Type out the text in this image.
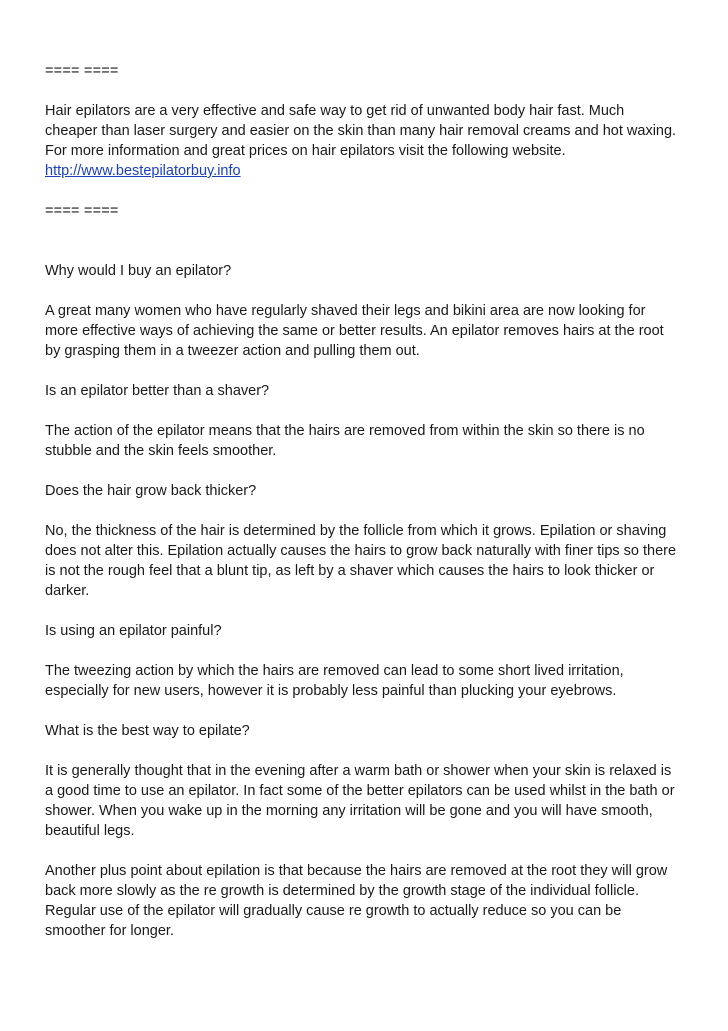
==== ====

Hair epilators are a very effective and safe way to get rid of unwanted body hair fast. Much
cheaper than laser surgery and easier on the skin than many hair removal creams and hot waxing.
For more information and great prices on hair epilators visit the following website.
http://www.bestepilatorbuy.info

==== ====

Why would I buy an epilator?

A great many women who have regularly shaved their legs and bikini area are now looking for
more effective ways of achieving the same or better results. An epilator removes hairs at the root
by grasping them in a tweezer action and pulling them out.

Is an epilator better than a shaver?

The action of the epilator means that the hairs are removed from within the skin so there is no
stubble and the skin feels smoother.

Does the hair grow back thicker?

No, the thickness of the hair is determined by the follicle from which it grows. Epilation or shaving
does not alter this. Epilation actually causes the hairs to grow back naturally with finer tips so there
is not the rough feel that a blunt tip, as left by a shaver which causes the hairs to look thicker or
darker.

Is using an epilator painful?

The tweezing action by which the hairs are removed can lead to some short lived irritation,
especially for new users, however it is probably less painful than plucking your eyebrows.

What is the best way to epilate?

It is generally thought that in the evening after a warm bath or shower when your skin is relaxed is
a good time to use an epilator. In fact some of the better epilators can be used whilst in the bath or
shower. When you wake up in the morning any irritation will be gone and you will have smooth,
beautiful legs.
Another plus point about epilation is that because the hairs are removed at the root they will grow
back more slowly as the re growth is determined by the growth stage of the individual follicle.
Regular use of the epilator will gradually cause re growth to actually reduce so you can be
smoother for longer.
